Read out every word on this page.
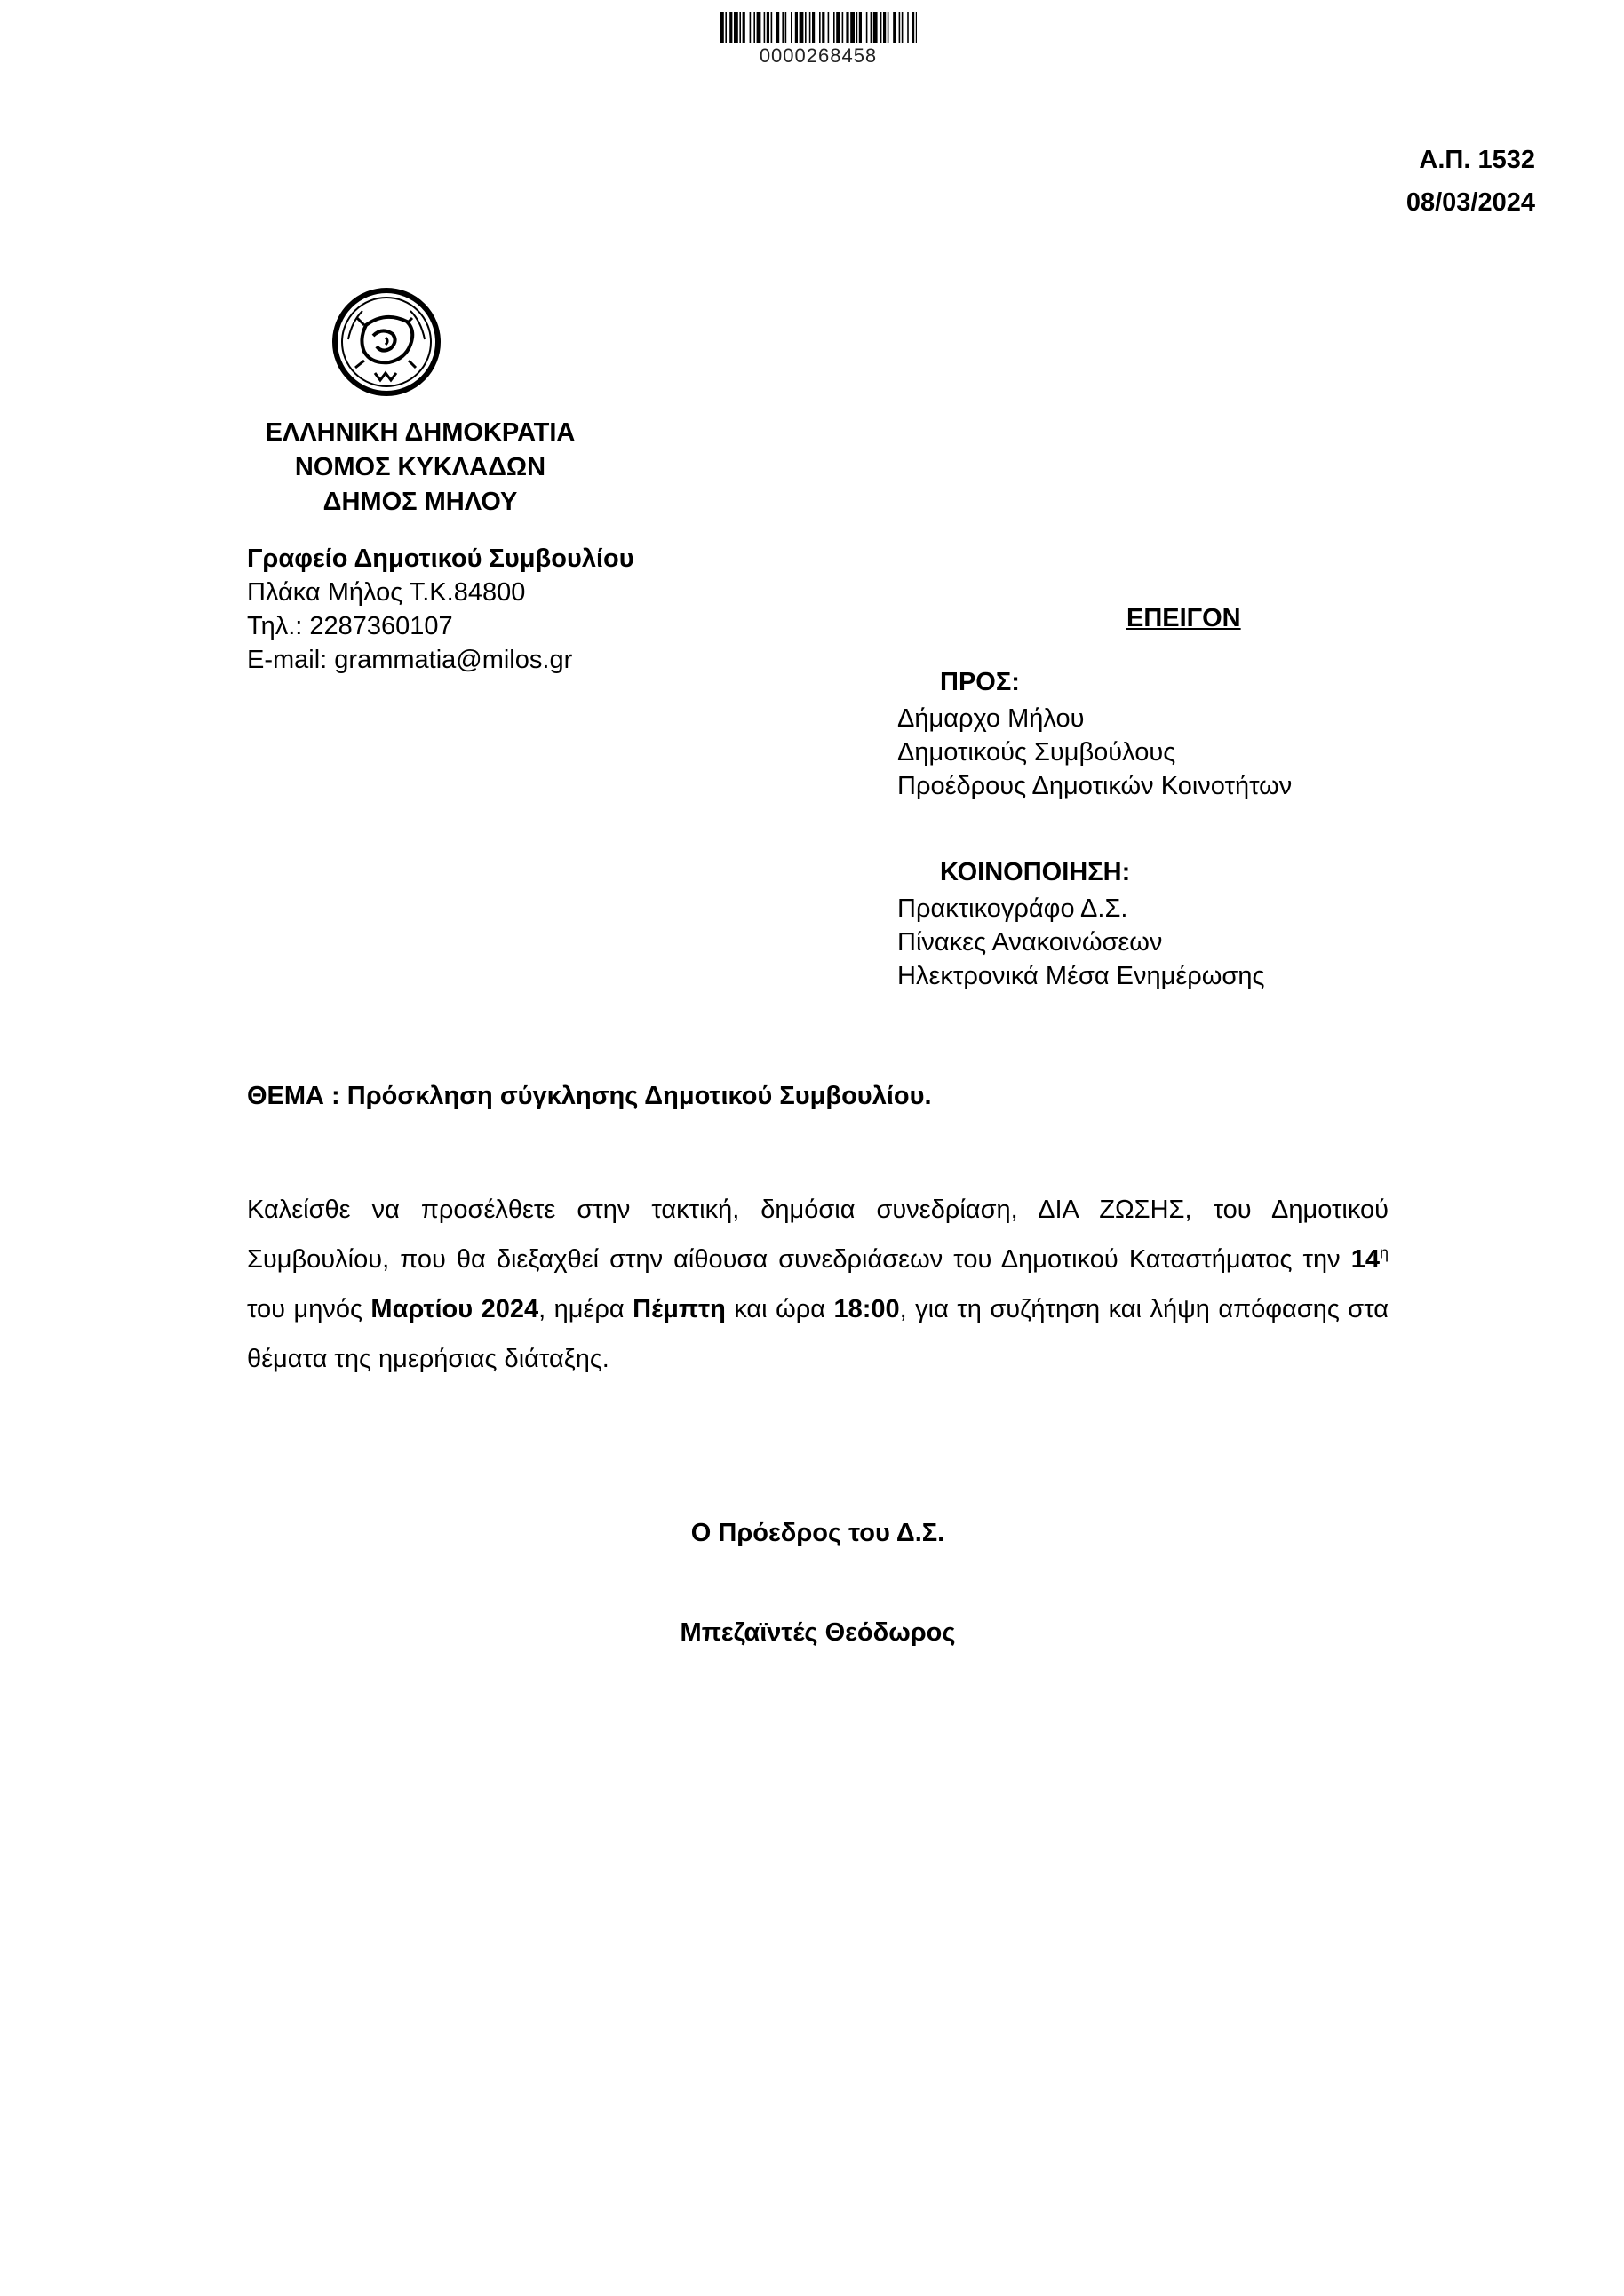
0000268458
Α.Π. 1532
08/03/2024
ΕΛΛΗΝΙΚΗ ΔΗΜΟΚΡΑΤΙΑ
ΝΟΜΟΣ ΚΥΚΛΑΔΩΝ
ΔΗΜΟΣ ΜΗΛΟΥ
Γραφείο Δημοτικού Συμβουλίου
Πλάκα Μήλος Τ.Κ.84800
Τηλ.: 2287360107
E-mail: grammatia@milos.gr
ΕΠΕΙΓΟΝ
ΠΡΟΣ:
Δήμαρχο Μήλου
Δημοτικούς Συμβούλους
Προέδρους Δημοτικών Κοινοτήτων
ΚΟΙΝΟΠΟΙΗΣΗ:
Πρακτικογράφο Δ.Σ.
Πίνακες Ανακοινώσεων
Ηλεκτρονικά Μέσα Ενημέρωσης
ΘΕΜΑ : Πρόσκληση σύγκλησης Δημοτικού Συμβουλίου.
Καλείσθε να προσέλθετε στην τακτική, δημόσια συνεδρίαση, ΔΙΑ ΖΩΣΗΣ, του Δημοτικού Συμβουλίου, που θα διεξαχθεί στην αίθουσα συνεδριάσεων του Δημοτικού Καταστήματος την $14^\eta$ του μηνός Μαρτίου 2024, ημέρα Πέμπτη και ώρα 18:00, για τη συζήτηση και λήψη απόφασης στα θέματα της ημερήσιας διάταξης.
Ο Πρόεδρος του Δ.Σ.
Μπεζαϊντές Θεόδωρος
